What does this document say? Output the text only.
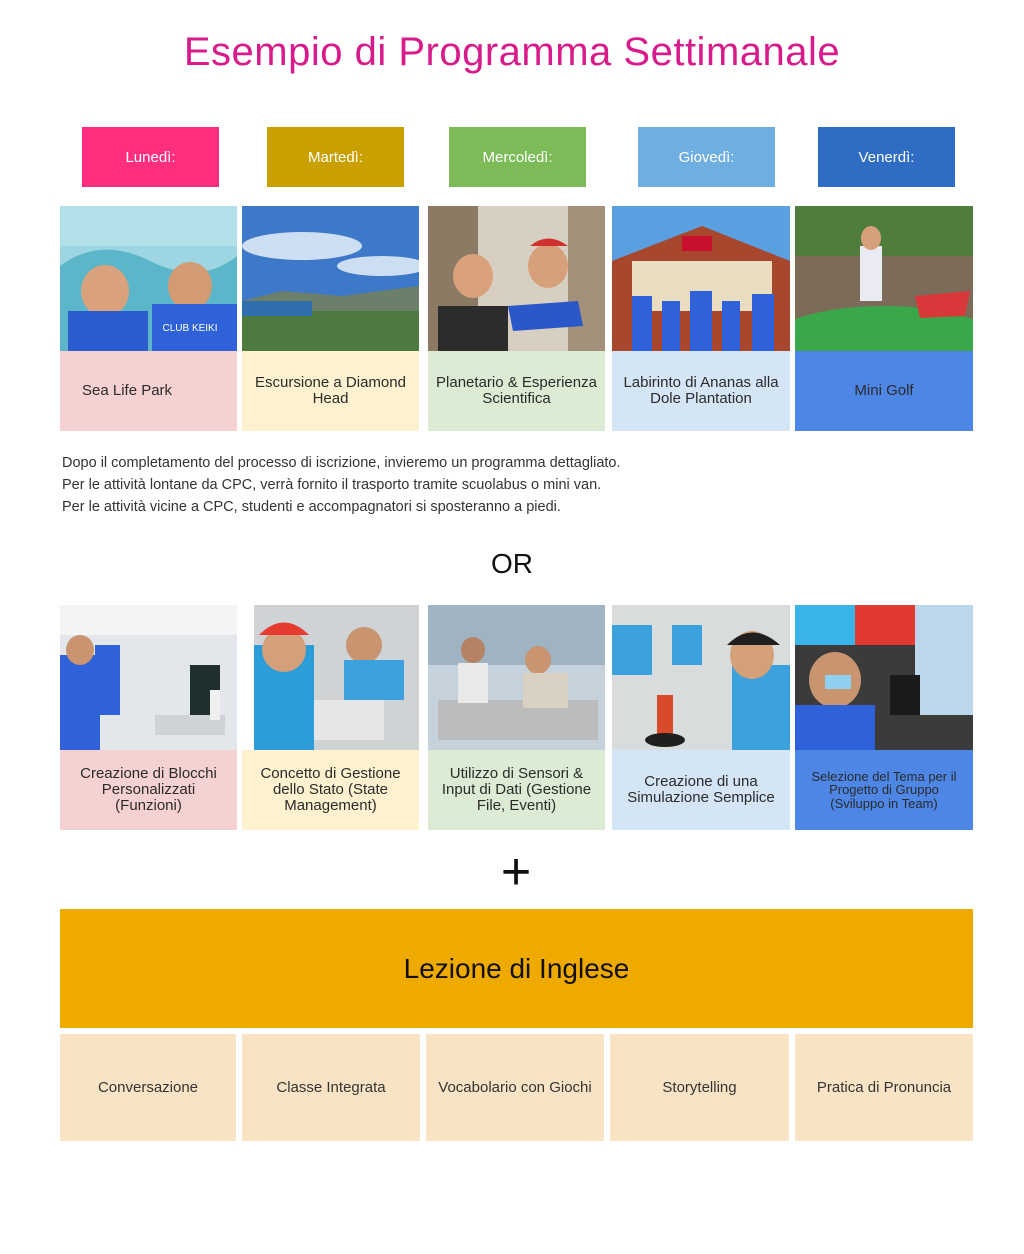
Esempio di Programma Settimanale
Lunedì:	Martedì:	Mercoledì:	Giovedì:	Venerdì:
CLUB KEIKI
Sea Life Park	Escursione a Diamond Head
Planetario & Esperienza Scientifica
Labirinto di Ananas alla Dole Plantation	Mini Golf
Dopo il completamento del processo di iscrizione, invieremo un programma dettagliato.
Per le attività lontane da CPC, verrà fornito il trasporto tramite scuolabus o mini van.
Per le attività vicine a CPC, studenti e accompagnatori si sposteranno a piedi.
OR
Creazione di Blocchi Personalizzati (Funzioni)
Concetto di Gestione dello Stato (State Management)
Utilizzo di Sensori & Input di Dati (Gestione File, Eventi)
Creazione di una Simulazione Semplice
Selezione del Tema per il Progetto di Gruppo (Sviluppo in Team)
+
Lezione di Inglese
Conversazione	Classe Integrata	Vocabolario con Giochi	Storytelling	Pratica di Pronuncia
